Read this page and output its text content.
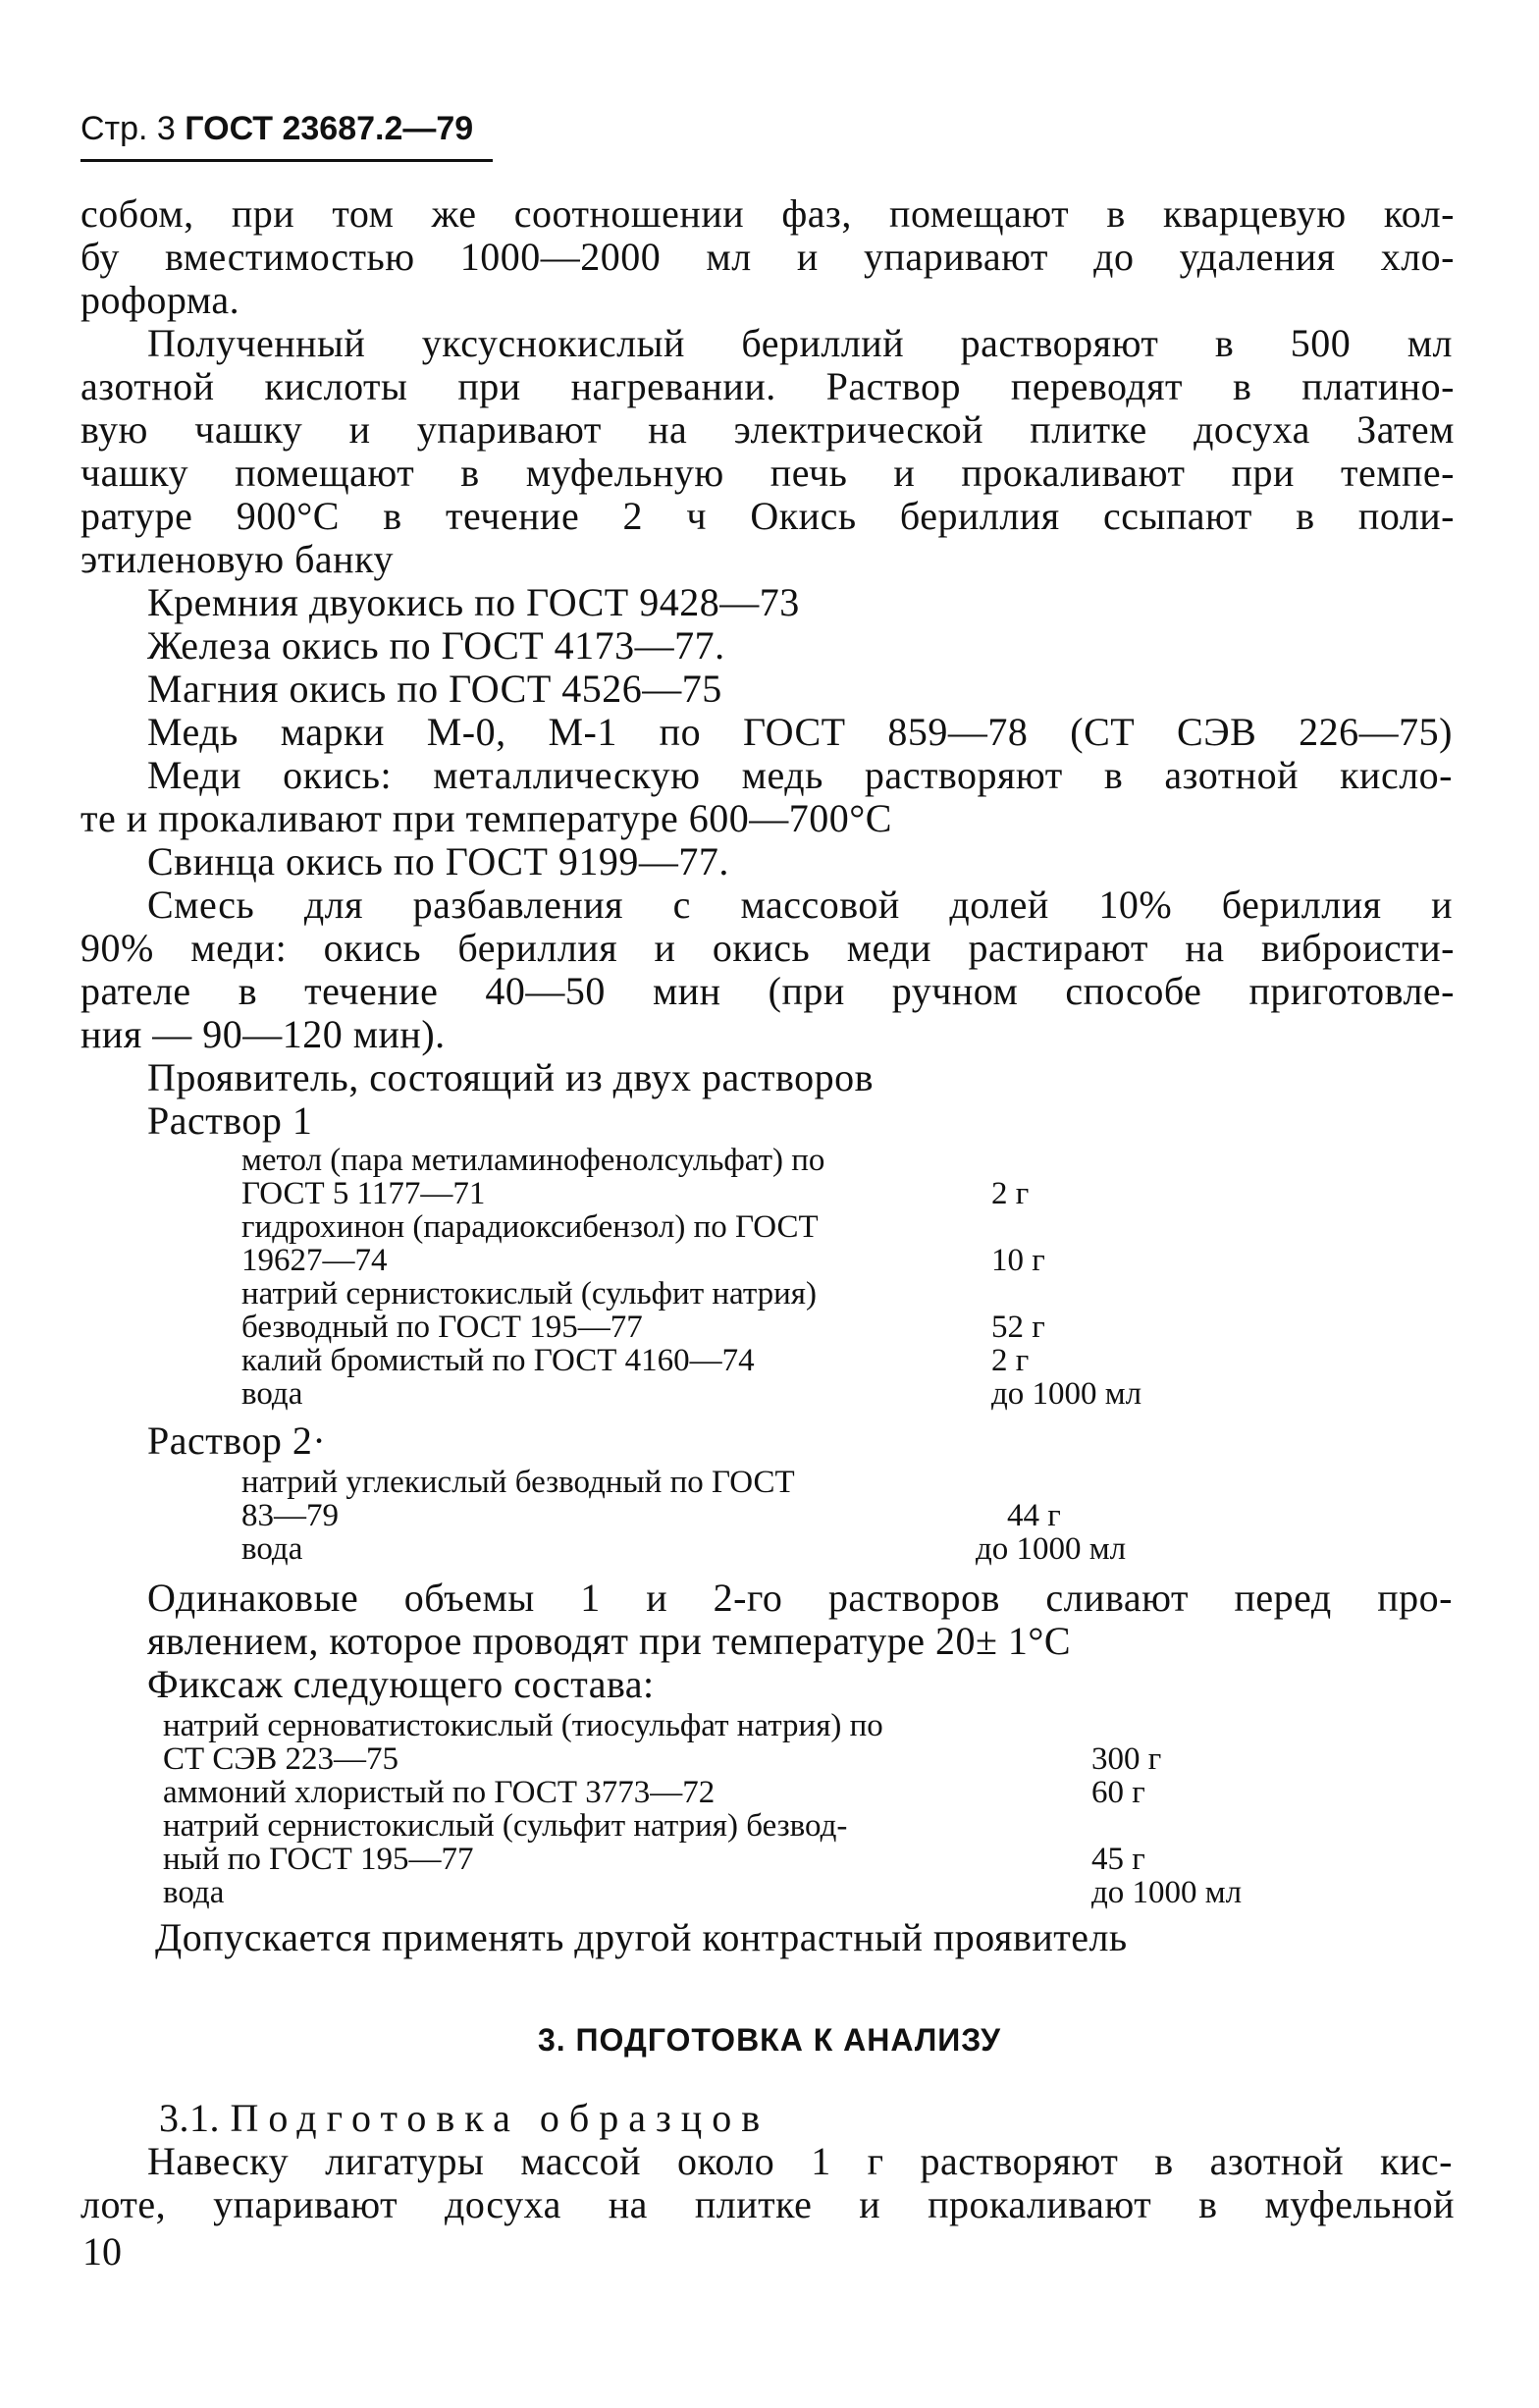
Стр. 3 ГОСТ 23687.2—79
собом, при том же соотношении фаз, помещают в кварцевую кол-
бу вместимостью 1000—2000 мл и упаривают до удаления хло-
роформа.
Полученный уксуснокислый бериллий растворяют в 500 мл
азотной кислоты при нагревании. Раствор переводят в платино-
вую чашку и упаривают на электрической плитке досуха Затем
чашку помещают в муфельную печь и прокаливают при темпе-
ратуре 900°C в течение 2 ч Окись бериллия ссыпают в поли-
этиленовую банку
Кремния двуокись по ГОСТ 9428—73
Железа окись по ГОСТ 4173—77.
Магния окись по ГОСТ 4526—75
Медь марки М-0, М-1 по ГОСТ 859—78 (СТ СЭВ 226—75)
Меди окись: металлическую медь растворяют в азотной кисло-
те и прокаливают при температуре 600—700°C
Свинца окись по ГОСТ 9199—77.
Смесь для разбавления с массовой долей 10% бериллия и
90% меди: окись бериллия и окись меди растирают на виброисти-
рателе в течение 40—50 мин (при ручном способе приготовле-
ния — 90—120 мин).
Проявитель, состоящий из двух растворов
Раствор 1
метол (пара метиламинофенолсульфат) по
ГОСТ 5 1177—71	2 г
гидрохинон (парадиоксибензол) по ГОСТ
19627—74	10 г
натрий сернистокислый (сульфит натрия)
безводный по ГОСТ 195—77	52 г
калий бромистый по ГОСТ 4160—74	2 г
вода	до 1000 мл
Раствор 2·
натрий углекислый безводный по ГОСТ
83—79	44 г
вода	до 1000 мл
Одинаковые объемы 1 и 2-го растворов сливают перед про-
явлением, которое проводят при температуре 20± 1°C
Фиксаж следующего состава:
натрий серноватистокислый (тиосульфат натрия) по
СТ СЭВ 223—75	300 г
аммоний хлористый по ГОСТ 3773—72	60 г
натрий сернистокислый (сульфит натрия) безвод-
ный по ГОСТ 195—77	45 г
вода	до 1000 мл
Допускается применять другой контрастный проявитель
3. ПОДГОТОВКА К АНАЛИЗУ
3.1. Подготовка образцов
Навеску лигатуры массой около 1 г растворяют в азотной кис-
лоте, упаривают досуха на плитке и прокаливают в муфельной
10
